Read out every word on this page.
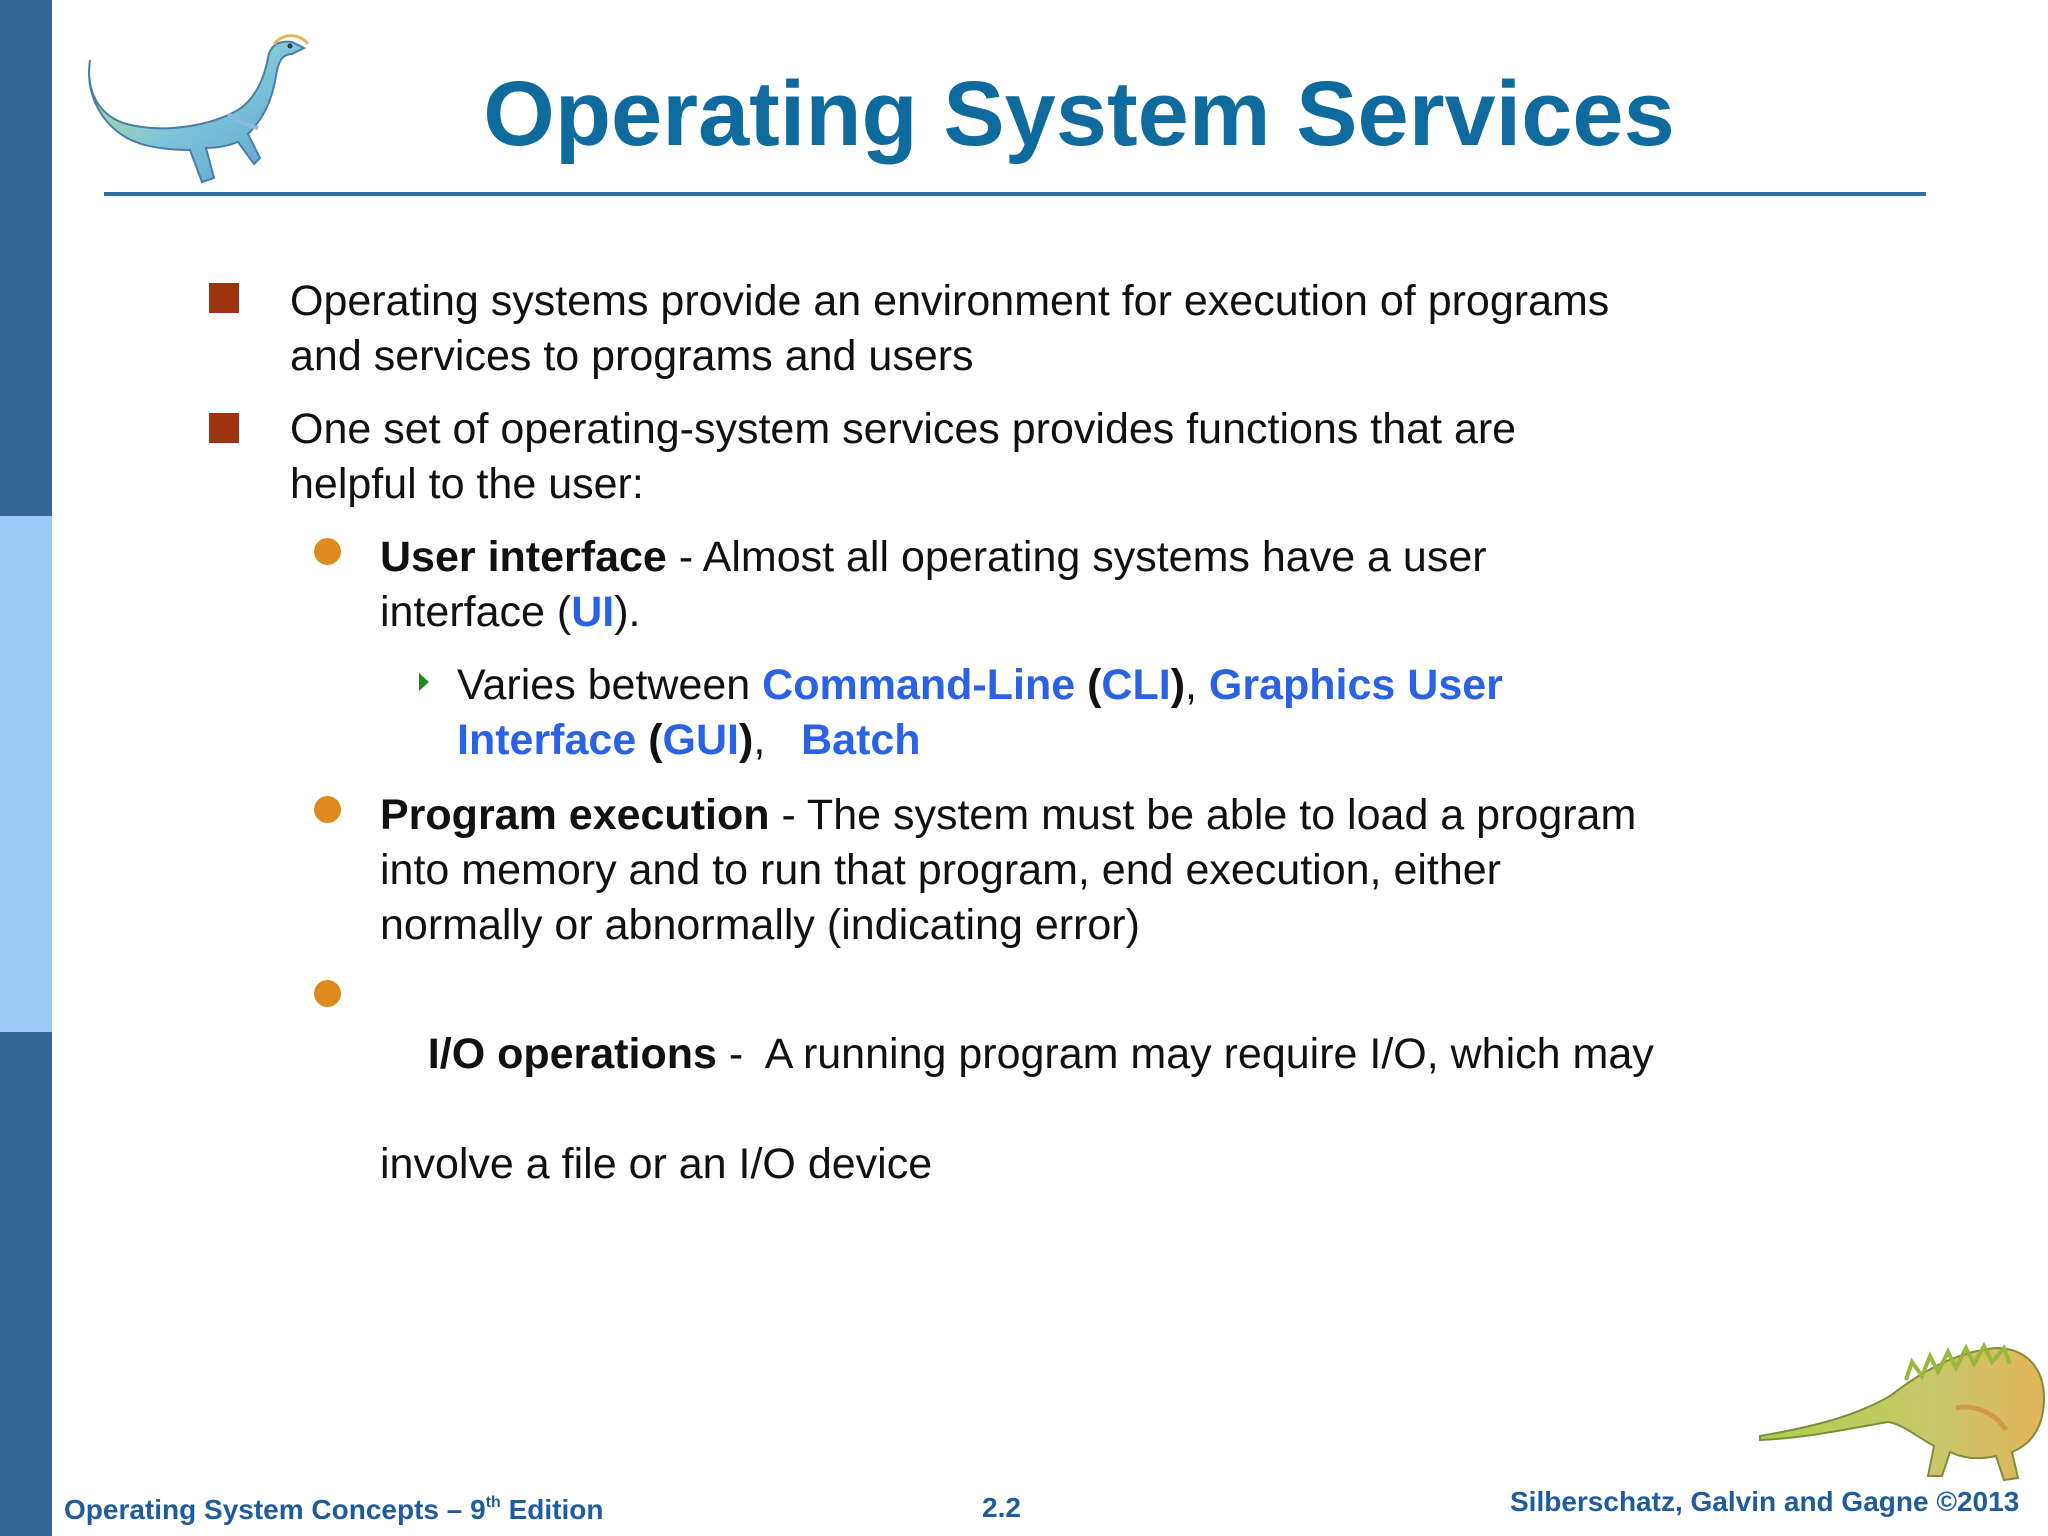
Operating System Services
Operating systems provide an environment for execution of programs
and services to programs and users
One set of operating-system services provides functions that are
helpful to the user:
User interface - Almost all operating systems have a user
interface (UI).
Varies between Command-Line (CLI), Graphics User
Interface (GUI),   Batch
Program execution - The system must be able to load a program
into memory and to run that program, end execution, either
normally or abnormally (indicating error)

I/O operations -  A running program may require I/O, which may

involve a file or an I/O device
Operating System Concepts – 9th Edition	2.2	Silberschatz, Galvin and Gagne ©2013
